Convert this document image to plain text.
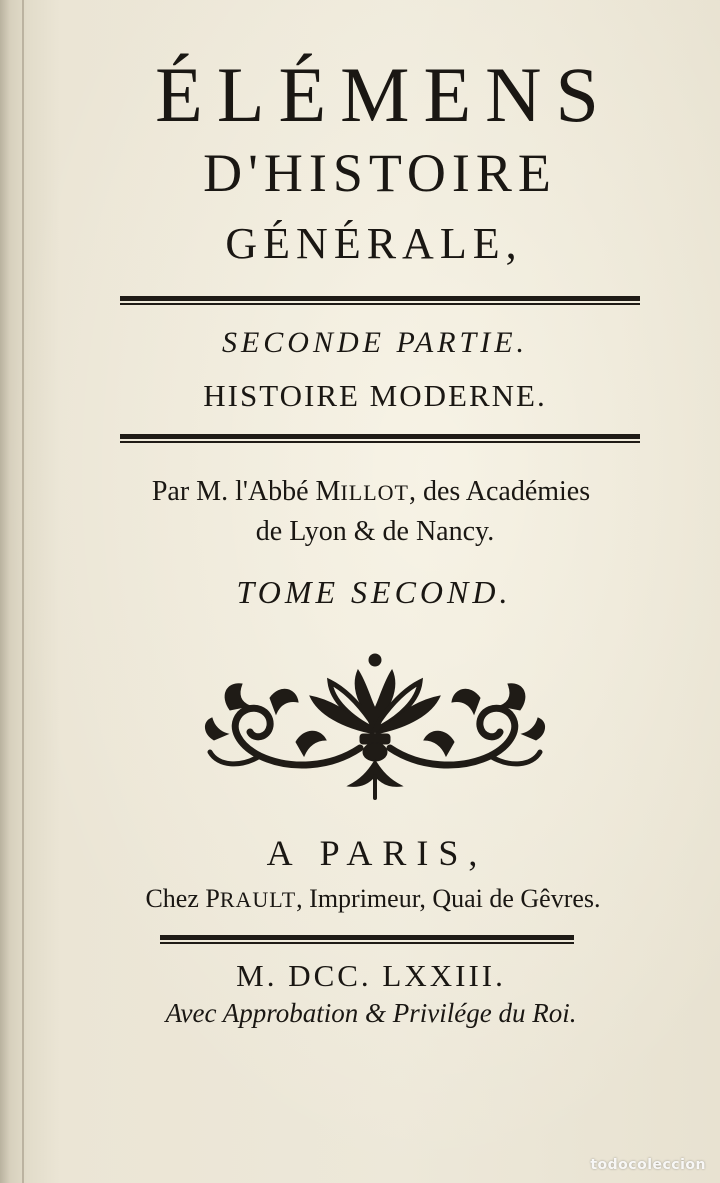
ÉLÉMENS
D'HISTOIRE
GÉNÉRALE,
SECONDE PARTIE.
HISTOIRE MODERNE.
Par M. l'Abbé MILLOT, des Académies
de Lyon & de Nancy.
TOME SECOND.
A PARIS,
Chez PRAULT, Imprimeur, Quai de Gêvres.
M. DCC. LXXIII.
Avec Approbation & Privilége du Roi.
todocoleccion
